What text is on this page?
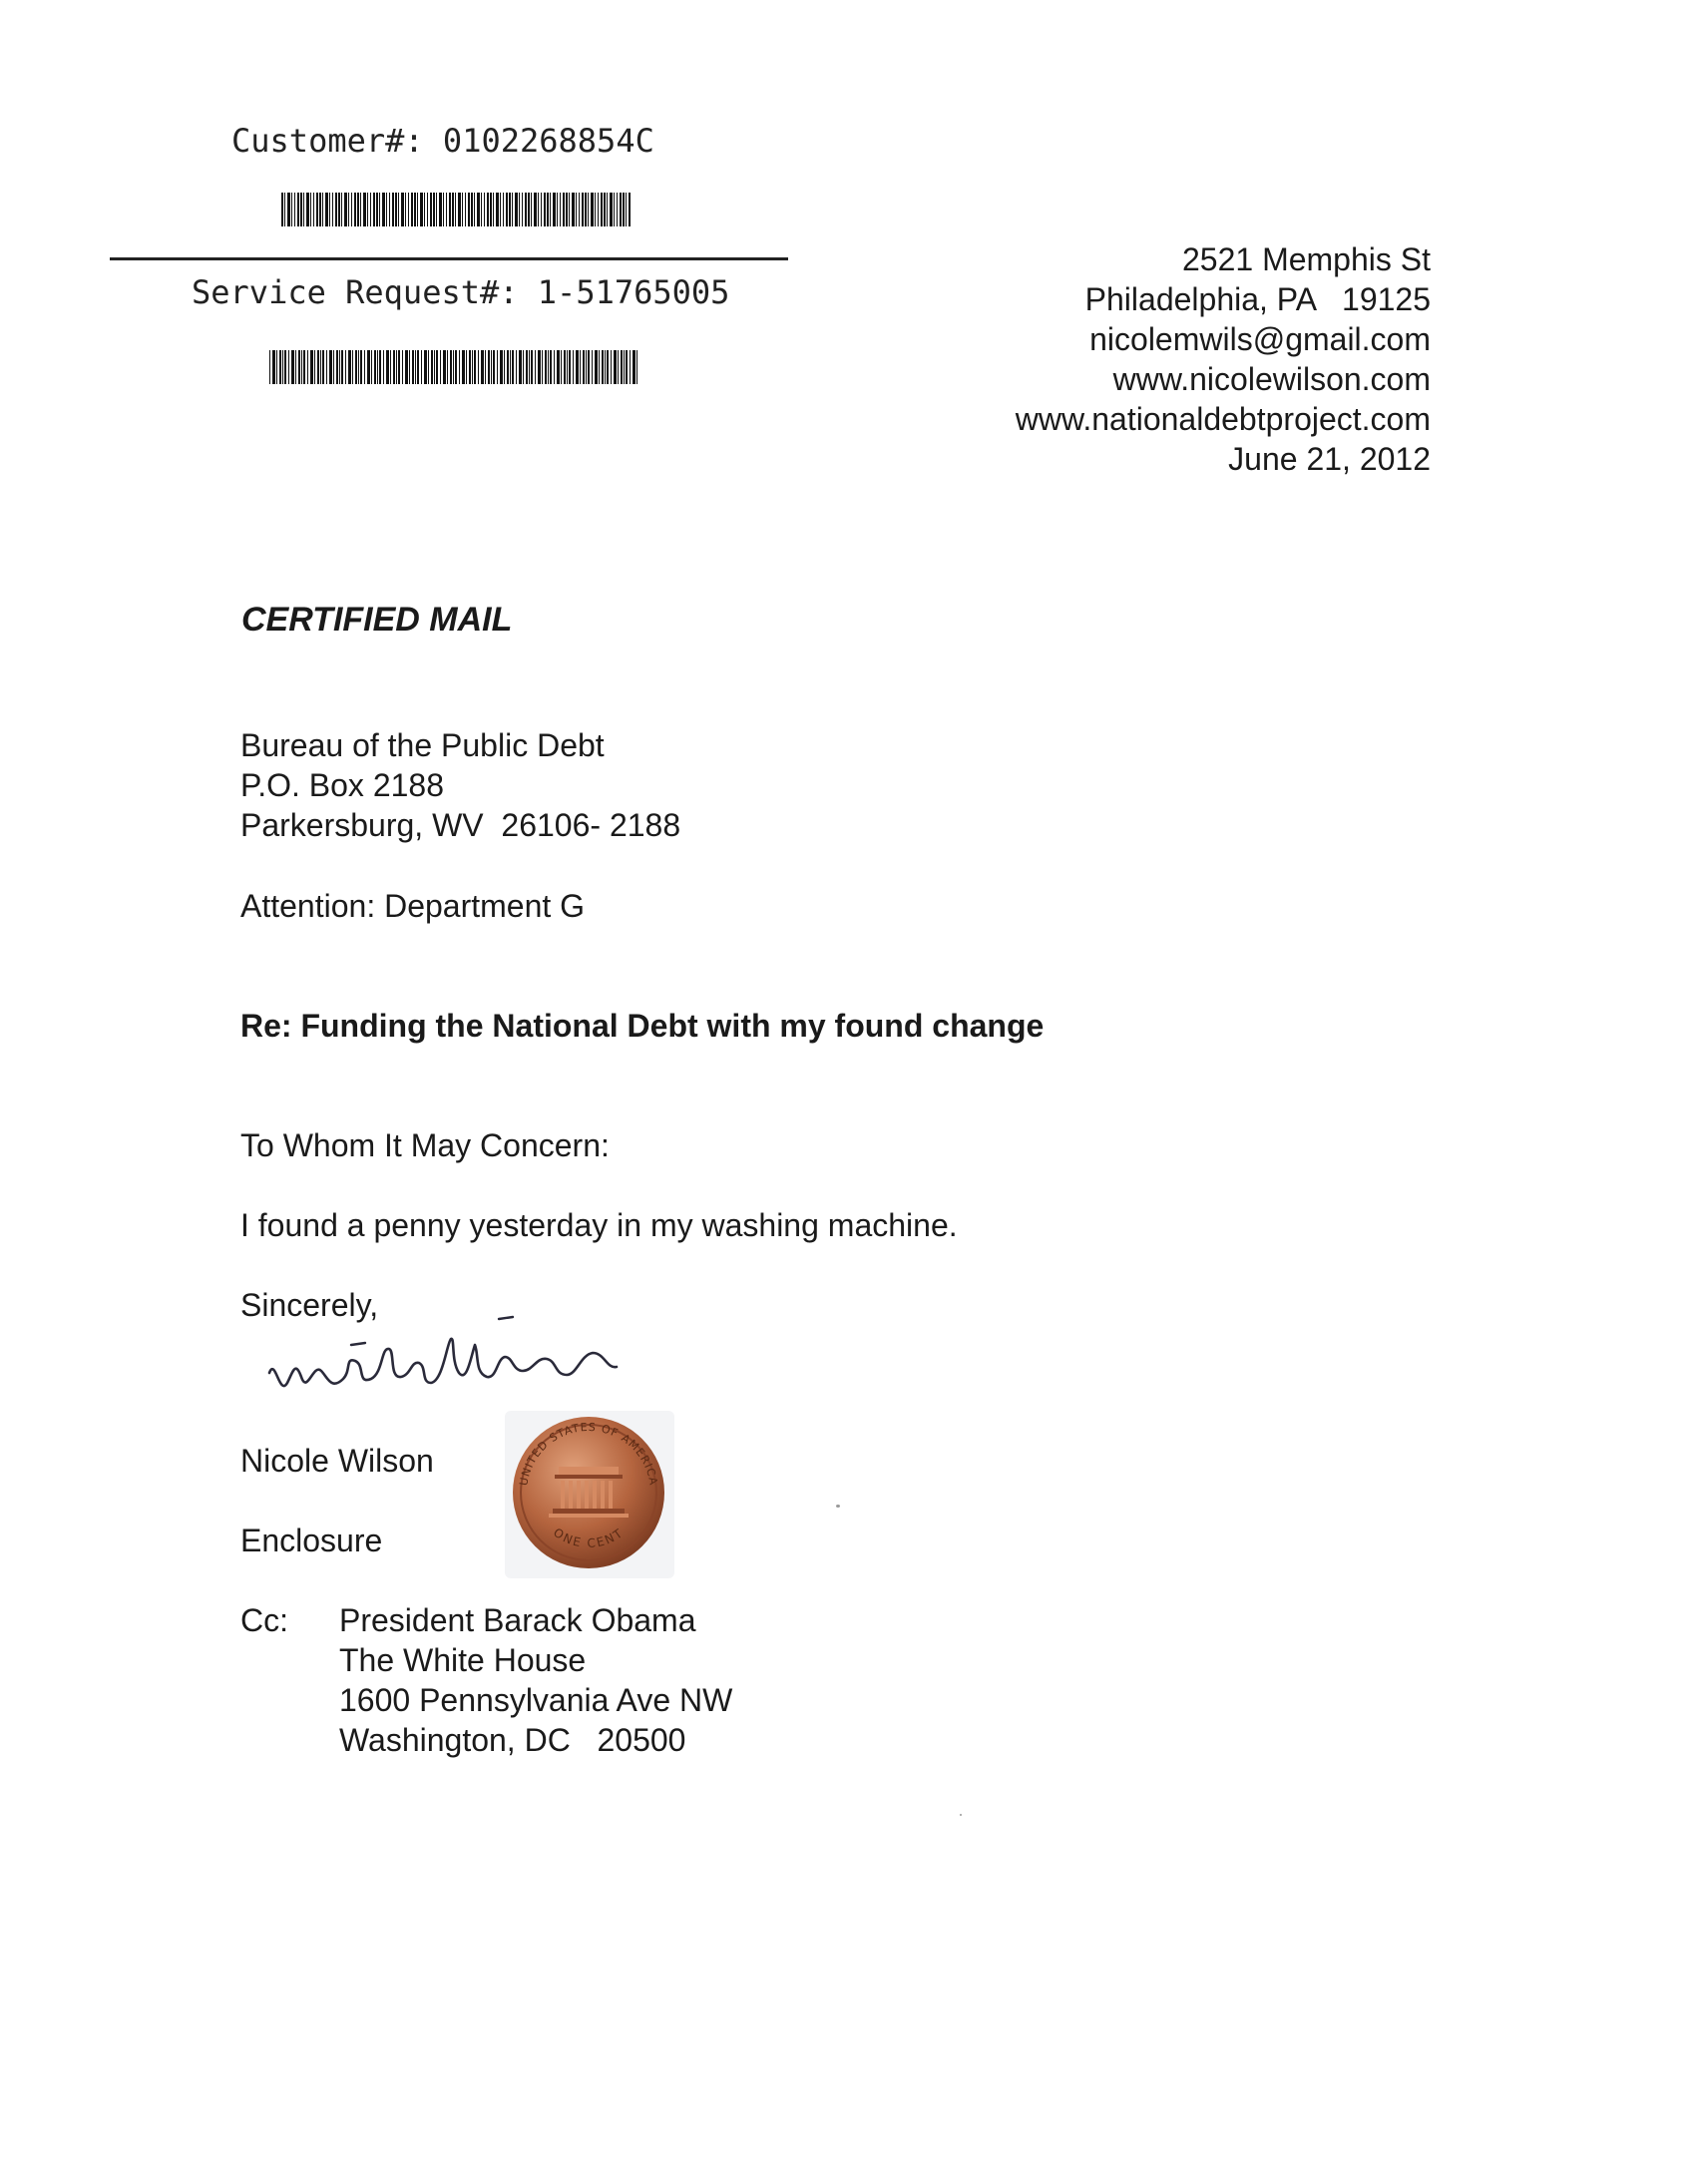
Customer#: 0102268854C
Service Request#: 1-51765005
2521 Memphis St
Philadelphia, PA   19125
nicolemwils@gmail.com
www.nicolewilson.com
www.nationaldebtproject.com
June 21, 2012
CERTIFIED MAIL
Bureau of the Public Debt
P.O. Box 2188
Parkersburg, WV  26106- 2188
Attention: Department G
Re: Funding the National Debt with my found change
To Whom It May Concern:
I found a penny yesterday in my washing machine.
Sincerely,
Nicole Wilson
Enclosure
UNITED STATES OF AMERICA
ONE CENT
Cc: President Barack Obama
The White House
1600 Pennsylvania Ave NW
Washington, DC   20500
